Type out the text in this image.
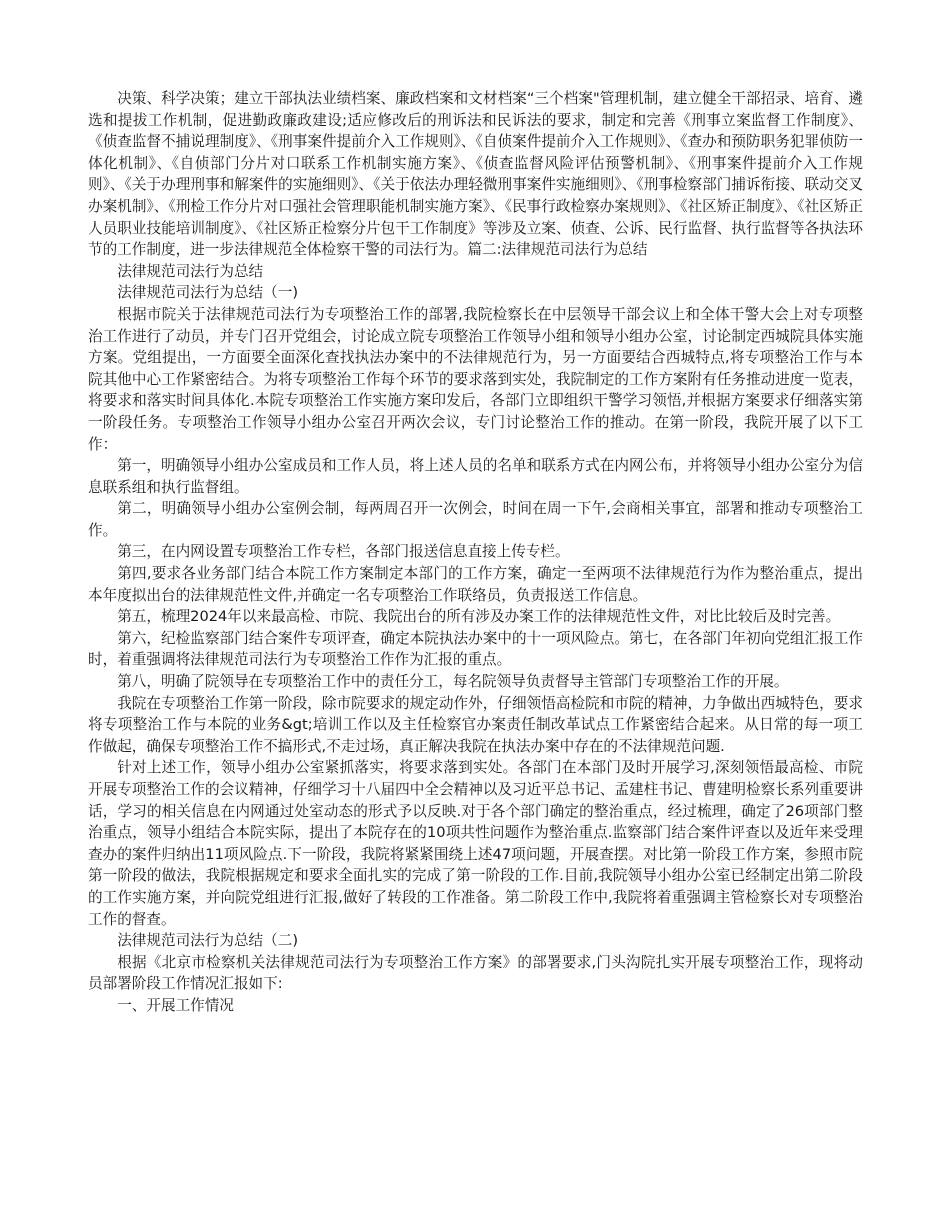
决策、科学决策；建立干部执法业绩档案、廉政档案和文材档案“三个档案"管理机制，建立健全干部招录、培育、遴选和提拔工作机制，促进勤政廉政建设;适应修改后的刑诉法和民诉法的要求，制定和完善《刑事立案监督工作制度》、《侦查监督不捕说理制度》、《刑事案件提前介入工作规则》、《自侦案件提前介入工作规则》、《查办和预防职务犯罪侦防一体化机制》、《自侦部门分片对口联系工作机制实施方案》、《侦查监督风险评估预警机制》、《刑事案件提前介入工作规则》、《关于办理刑事和解案件的实施细则》、《关于依法办理轻微刑事案件实施细则》、《刑事检察部门捕诉衔接、联动交叉办案机制》、《刑检工作分片对口强社会管理职能机制实施方案》、《民事行政检察办案规则》、《社区矫正制度》、《社区矫正人员职业技能培训制度》、《社区矫正检察分片包干工作制度》等涉及立案、侦查、公诉、民行监督、执行监督等各执法环节的工作制度，进一步法律规范全体检察干警的司法行为。篇二:法律规范司法行为总结

法律规范司法行为总结

法律规范司法行为总结（一)

根据市院关于法律规范司法行为专项整治工作的部署,我院检察长在中层领导干部会议上和全体干警大会上对专项整治工作进行了动员，并专门召开党组会，讨论成立院专项整治工作领导小组和领导小组办公室，讨论制定西城院具体实施方案。党组提出，一方面要全面深化查找执法办案中的不法律规范行为，另一方面要结合西城特点,将专项整治工作与本院其他中心工作紧密结合。为将专项整治工作每个环节的要求落到实处，我院制定的工作方案附有任务推动进度一览表，将要求和落实时间具体化.本院专项整治工作实施方案印发后，各部门立即组织干警学习领悟,并根据方案要求仔细落实第一阶段任务。专项整治工作领导小组办公室召开两次会议，专门讨论整治工作的推动。在第一阶段，我院开展了以下工作：

第一，明确领导小组办公室成员和工作人员，将上述人员的名单和联系方式在内网公布，并将领导小组办公室分为信息联系组和执行监督组。

第二，明确领导小组办公室例会制，每两周召开一次例会，时间在周一下午,会商相关事宜，部署和推动专项整治工作。

第三，在内网设置专项整治工作专栏，各部门报送信息直接上传专栏。

第四,要求各业务部门结合本院工作方案制定本部门的工作方案，确定一至两项不法律规范行为作为整治重点，提出本年度拟出台的法律规范性文件,并确定一名专项整治工作联络员，负责报送工作信息。

第五，梳理2024年以来最高检、市院、我院出台的所有涉及办案工作的法律规范性文件，对比比较后及时完善。

第六，纪检监察部门结合案件专项评查，确定本院执法办案中的十一项风险点。第七，在各部门年初向党组汇报工作时，着重强调将法律规范司法行为专项整治工作作为汇报的重点。

第八，明确了院领导在专项整治工作中的责任分工，每名院领导负责督导主管部门专项整治工作的开展。

我院在专项整治工作第一阶段，除市院要求的规定动作外，仔细领悟高检院和市院的精神，力争做出西城特色，要求将专项整治工作与本院的业务&gt;培训工作以及主任检察官办案责任制改革试点工作紧密结合起来。从日常的每一项工作做起，确保专项整治工作不搞形式,不走过场，真正解决我院在执法办案中存在的不法律规范问题.

针对上述工作，领导小组办公室紧抓落实，将要求落到实处。各部门在本部门及时开展学习,深刻领悟最高检、市院开展专项整治工作的会议精神，仔细学习十八届四中全会精神以及习近平总书记、孟建柱书记、曹建明检察长系列重要讲话，学习的相关信息在内网通过处室动态的形式予以反映.对于各个部门确定的整治重点，经过梳理，确定了26项部门整治重点，领导小组结合本院实际，提出了本院存在的10项共性问题作为整治重点.监察部门结合案件评查以及近年来受理查办的案件归纳出11项风险点.下一阶段，我院将紧紧围绕上述47项问题，开展查摆。对比第一阶段工作方案，参照市院第一阶段的做法，我院根据规定和要求全面扎实的完成了第一阶段的工作.目前,我院领导小组办公室已经制定出第二阶段的工作实施方案，并向院党组进行汇报,做好了转段的工作准备。第二阶段工作中,我院将着重强调主管检察长对专项整治工作的督查。

法律规范司法行为总结（二)

根据《北京市检察机关法律规范司法行为专项整治工作方案》的部署要求,门头沟院扎实开展专项整治工作，现将动员部署阶段工作情况汇报如下:

一、开展工作情况
